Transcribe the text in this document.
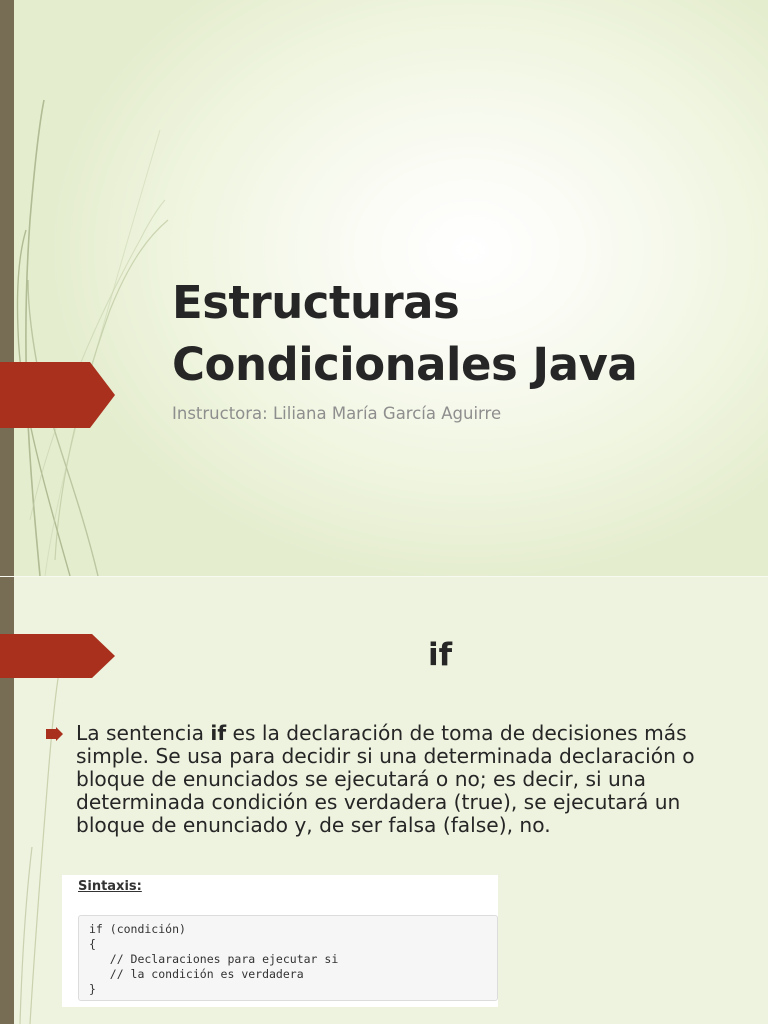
Estructuras
Condicionales Java
Instructora: Liliana María García Aguirre
if
La sentencia if es la declaración de toma de decisiones más simple. Se usa para decidir si una determinada declaración o bloque de enunciados se ejecutará o no; es decir, si una determinada condición es verdadera (true), se ejecutará un bloque de enunciado y, de ser falsa (false), no.
Sintaxis:
if (condición)
{
// Declaraciones para ejecutar si
// la condición es verdadera
}
